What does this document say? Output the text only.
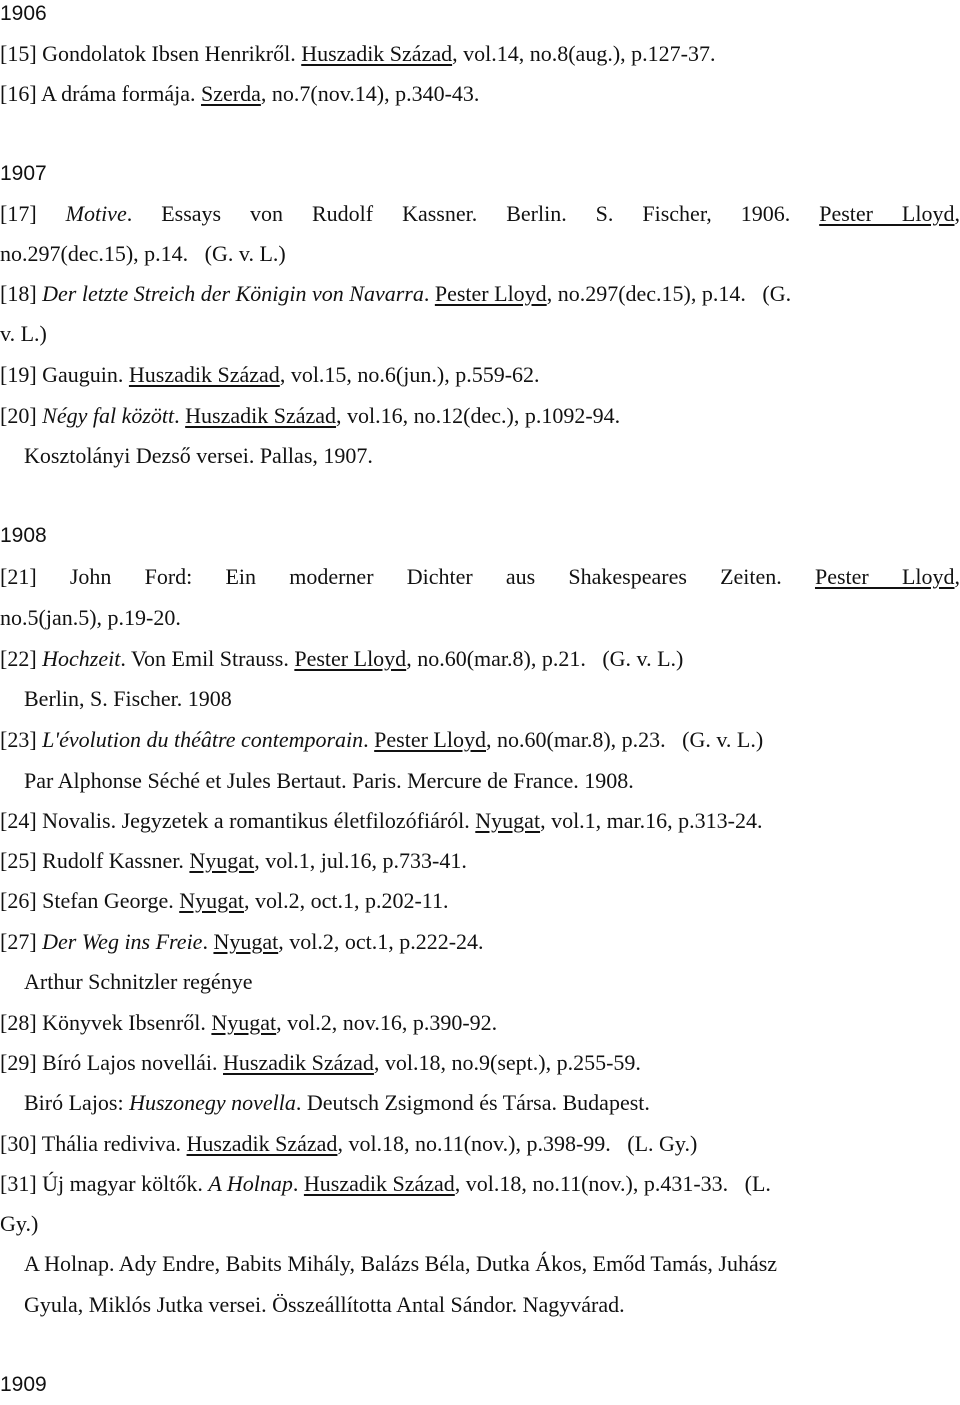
1906
[15] Gondolatok Ibsen Henrikről. Huszadik Század, vol.14, no.8(aug.), p.127-37.
[16] A dráma formája. Szerda, no.7(nov.14), p.340-43.
1907
[17] Motive. Essays von Rudolf Kassner. Berlin. S. Fischer, 1906. Pester Lloyd,
no.297(dec.15), p.14.   (G. v. L.)
[18] Der letzte Streich der Königin von Navarra. Pester Lloyd, no.297(dec.15), p.14.   (G.
v. L.)
[19] Gauguin. Huszadik Század, vol.15, no.6(jun.), p.559-62.
[20] Négy fal között. Huszadik Század, vol.16, no.12(dec.), p.1092-94.
Kosztolányi Dezső versei. Pallas, 1907.
1908
[21] John Ford: Ein moderner Dichter aus Shakespeares Zeiten. Pester Lloyd,
no.5(jan.5), p.19-20.
[22] Hochzeit. Von Emil Strauss. Pester Lloyd, no.60(mar.8), p.21.   (G. v. L.)
Berlin, S. Fischer. 1908
[23] L'évolution du théâtre contemporain. Pester Lloyd, no.60(mar.8), p.23.   (G. v. L.)
Par Alphonse Séché et Jules Bertaut. Paris. Mercure de France. 1908.
[24] Novalis. Jegyzetek a romantikus életfilozófiáról. Nyugat, vol.1, mar.16, p.313-24.
[25] Rudolf Kassner. Nyugat, vol.1, jul.16, p.733-41.
[26] Stefan George. Nyugat, vol.2, oct.1, p.202-11.
[27] Der Weg ins Freie. Nyugat, vol.2, oct.1, p.222-24.
Arthur Schnitzler regénye
[28] Könyvek Ibsenről. Nyugat, vol.2, nov.16, p.390-92.
[29] Bíró Lajos novellái. Huszadik Század, vol.18, no.9(sept.), p.255-59.
Biró Lajos: Huszonegy novella. Deutsch Zsigmond és Társa. Budapest.
[30] Thália rediviva. Huszadik Század, vol.18, no.11(nov.), p.398-99.   (L. Gy.)
[31] Új magyar költők. A Holnap. Huszadik Század, vol.18, no.11(nov.), p.431-33.   (L.
Gy.)
A Holnap. Ady Endre, Babits Mihály, Balázs Béla, Dutka Ákos, Emőd Tamás, Juhász
Gyula, Miklós Jutka versei. Összeállította Antal Sándor. Nagyvárad.
1909
